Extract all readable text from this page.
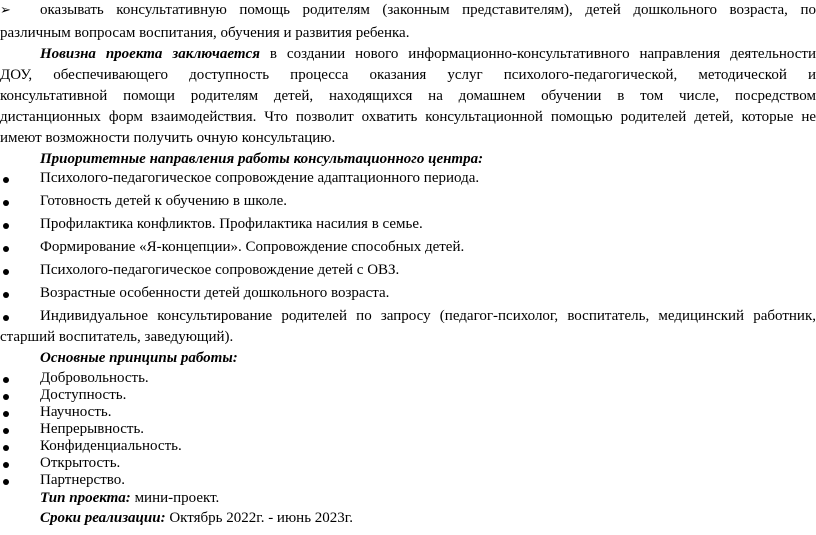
➢ оказывать консультативную помощь родителям (законным представителям), детей дошкольного возраста, по
различным вопросам воспитания, обучения и развития ребенка.
Новизна проекта заключается в создании нового информационно-консультативного направления деятельности
ДОУ, обеспечивающего доступность процесса оказания услуг психолого-педагогической, методической и
консультативной помощи родителям детей, находящихся на домашнем обучении в том числе, посредством
дистанционных форм взаимодействия. Что позволит охватить консультационной помощью родителей детей, которые не
имеют возможности получить очную консультацию.
Приоритетные направления работы консультационного центра:
Психолого-педагогическое сопровождение адаптационного периода.
Готовность детей к обучению в школе.
Профилактика конфликтов. Профилактика насилия в семье.
Формирование «Я-концепции». Сопровождение способных детей.
Психолого-педагогическое сопровождение детей с ОВЗ.
Возрастные особенности детей дошкольного возраста.
Индивидуальное консультирование родителей по запросу (педагог-психолог, воспитатель, медицинский работник,
старший воспитатель, заведующий).
Основные принципы работы:
Добровольность.
Доступность.
Научность.
Непрерывность.
Конфиденциальность.
Открытость.
Партнерство.
Тип проекта: мини-проект.
Сроки реализации: Октябрь 2022г. - июнь 2023г.
